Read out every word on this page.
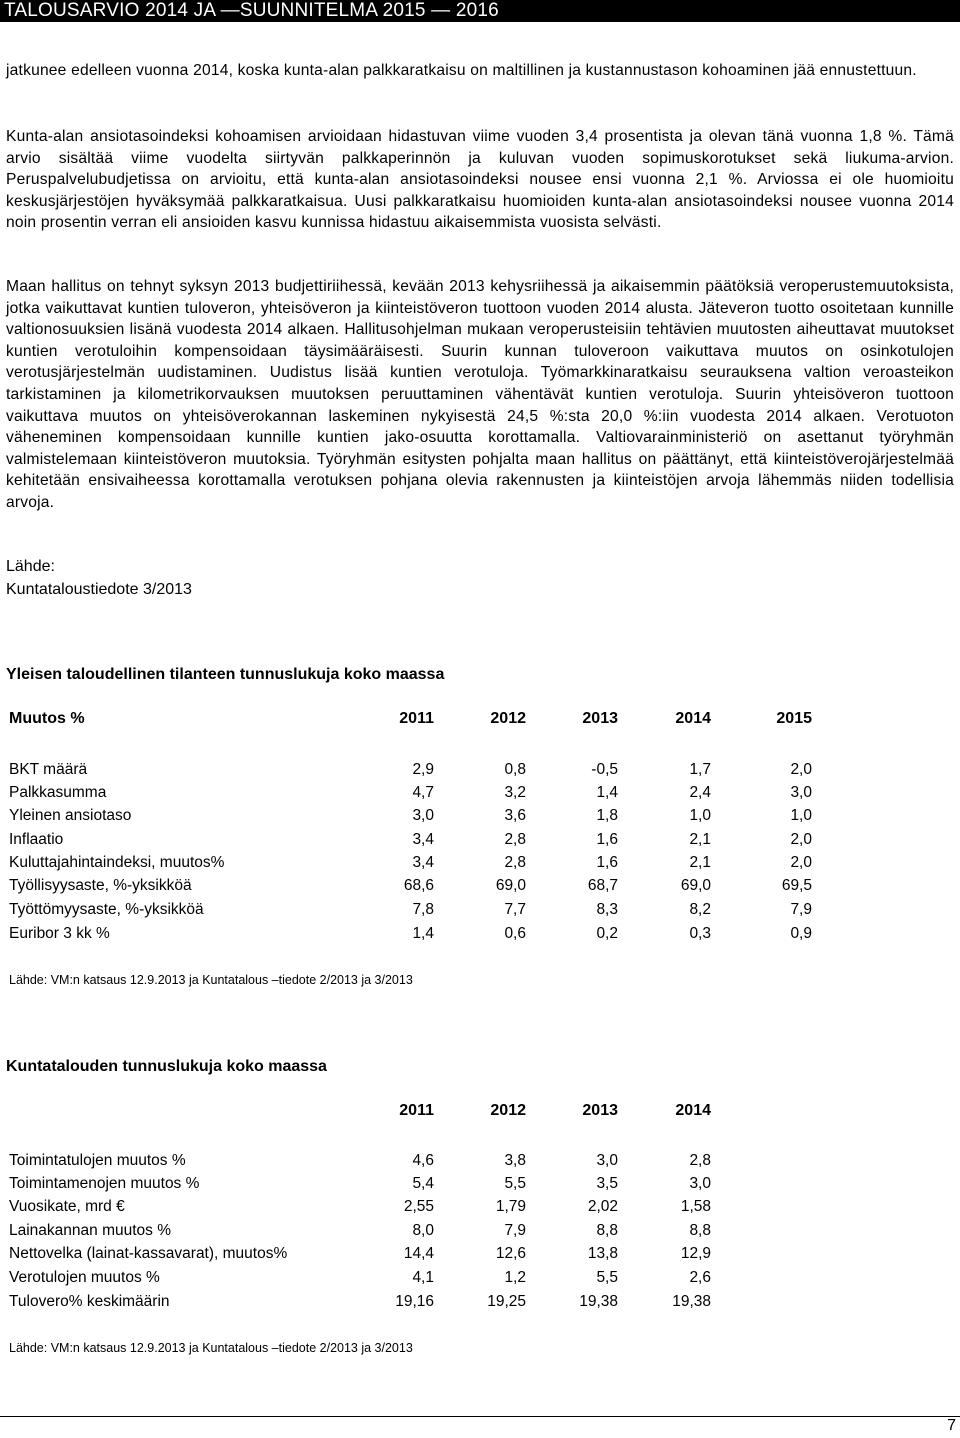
TALOUSARVIO 2014 JA —SUUNNITELMA 2015 — 2016

jatkunee edelleen vuonna 2014, koska kunta-alan palkkaratkaisu on maltillinen ja kustannustason kohoaminen jää ennustettuun.

Kunta-alan ansiotasoindeksi kohoamisen arvioidaan hidastuvan viime vuoden 3,4 prosentista ja olevan tänä vuonna 1,8 %. Tämä arvio sisältää viime vuodelta siirtyvän palkkaperinnön ja kuluvan vuoden sopimuskorotukset sekä liukuma-arvion. Peruspalvelubudjetissa on arvioitu, että kunta-alan ansiotasoindeksi nousee ensi vuonna 2,1 %. Arviossa ei ole huomioitu keskusjärjestöjen hyväksymää palkkaratkaisua. Uusi palkkaratkaisu huomioiden kunta-alan ansiotasoindeksi nousee vuonna 2014 noin prosentin verran eli ansioiden kasvu kunnissa hidastuu aikaisemmista vuosista selvästi.

Maan hallitus on tehnyt syksyn 2013 budjettiriihessä, kevään 2013 kehysriihessä ja aikaisemmin päätöksiä veroperustemuutoksista, jotka vaikuttavat kuntien tuloveron, yhteisöveron ja kiinteistöveron tuottoon vuoden 2014 alusta. Jäteveron tuotto osoitetaan kunnille valtionosuuksien lisänä vuodesta 2014 alkaen. Hallitusohjelman mukaan veroperusteisiin tehtävien muutosten aiheuttavat muutokset kuntien verotuloihin kompensoidaan täysimääräisesti. Suurin kunnan tuloveroon vaikuttava muutos on osinkotulojen verotusjärjestelmän uudistaminen. Uudistus lisää kuntien verotuloja. Työmarkkinaratkaisu seurauksena valtion veroasteikon tarkistaminen ja kilometrikorvauksen muutoksen peruuttaminen vähentävät kuntien verotuloja. Suurin yhteisöveron tuottoon vaikuttava muutos on yhteisöverokannan laskeminen nykyisestä 24,5 %:sta 20,0 %:iin vuodesta 2014 alkaen. Verotuoton väheneminen kompensoidaan kunnille kuntien jako-osuutta korottamalla. Valtiovarainministeriö on asettanut työryhmän valmistelemaan kiinteistöveron muutoksia. Työryhmän esitysten pohjalta maan hallitus on päättänyt, että kiinteistöverojärjestelmää kehitetään ensivaiheessa korottamalla verotuksen pohjana olevia rakennusten ja kiinteistöjen arvoja lähemmäs niiden todellisia arvoja.

Lähde:
Kuntataloustiedote 3/2013
Yleisen taloudellinen tilanteen tunnuslukuja koko maassa
Muutos %	2011	2012	2013	2014	2015
BKT määrä	2,9	0,8	-0,5	1,7	2,0
Palkkasumma	4,7	3,2	1,4	2,4	3,0
Yleinen ansiotaso	3,0	3,6	1,8	1,0	1,0
Inflaatio	3,4	2,8	1,6	2,1	2,0
Kuluttajahintaindeksi, muutos%	3,4	2,8	1,6	2,1	2,0
Työllisyysaste, %-yksikköä	68,6	69,0	68,7	69,0	69,5
Työttömyysaste, %-yksikköä	7,8	7,7	8,3	8,2	7,9
Euribor 3 kk %	1,4	0,6	0,2	0,3	0,9
Lähde: VM:n katsaus 12.9.2013 ja Kuntatalous –tiedote 2/2013 ja 3/2013
Kuntatalouden tunnuslukuja koko maassa
2011	2012	2013	2014
Toimintatulojen muutos %	4,6	3,8	3,0	2,8
Toimintamenojen muutos %	5,4	5,5	3,5	3,0
Vuosikate, mrd €	2,55	1,79	2,02	1,58
Lainakannan muutos %	8,0	7,9	8,8	8,8
Nettovelka (lainat-kassavarat), muutos%	14,4	12,6	13,8	12,9
Verotulojen muutos %	4,1	1,2	5,5	2,6
Tulovero% keskimäärin	19,16	19,25	19,38	19,38
Lähde: VM:n katsaus 12.9.2013 ja Kuntatalous –tiedote 2/2013 ja 3/2013
7
